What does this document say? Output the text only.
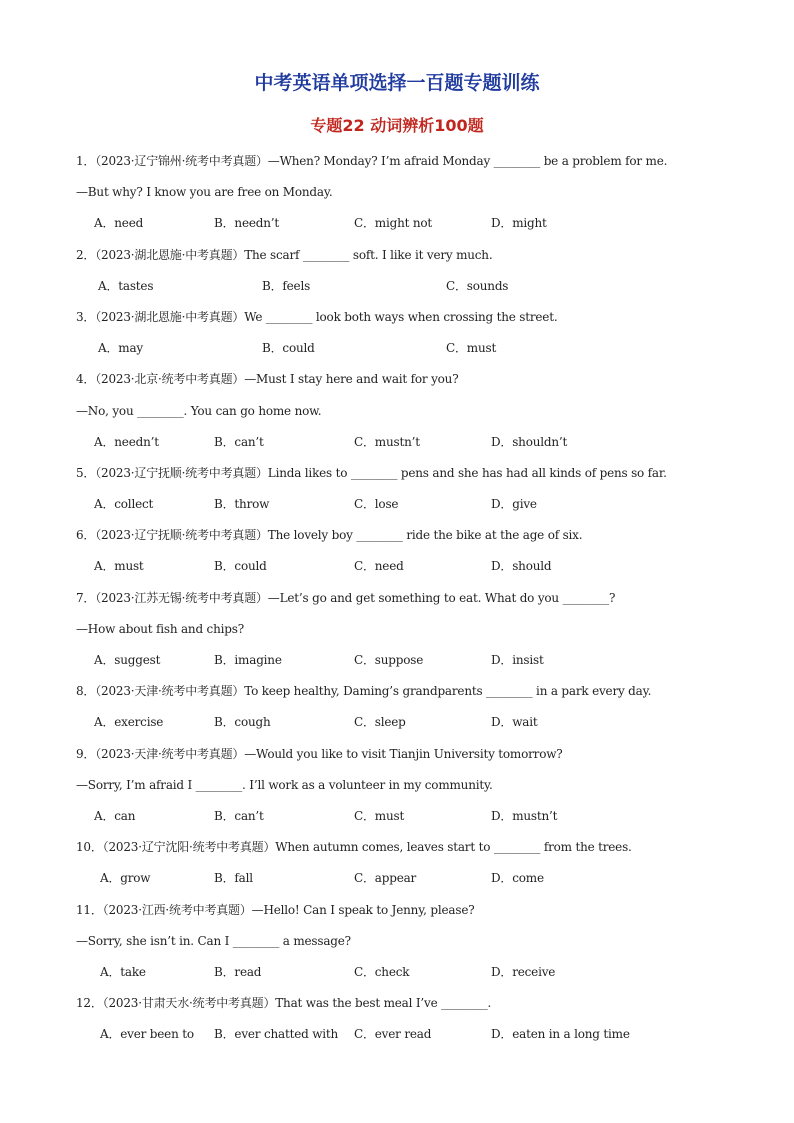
中考英语单项选择一百题专题训练
专题22 动词辨析100题
1．（2023·辽宁锦州·统考中考真题）—When? Monday? I’m afraid Monday ________ be a problem for me.
—But why? I know you are free on Monday.
A．need	B．needn’t	C．might not	D．might
2．（2023·湖北恩施·中考真题）The scarf ________ soft. I like it very much.
A．tastes	B．feels	C．sounds
3．（2023·湖北恩施·中考真题）We ________ look both ways when crossing the street.
A．may	B．could	C．must
4．（2023·北京·统考中考真题）—Must I stay here and wait for you?
—No, you ________. You can go home now.
A．needn’t	B．can’t	C．mustn’t	D．shouldn’t
5．（2023·辽宁抚顺·统考中考真题）Linda likes to ________ pens and she has had all kinds of pens so far.
A．collect	B．throw	C．lose	D．give
6．（2023·辽宁抚顺·统考中考真题）The lovely boy ________ ride the bike at the age of six.
A．must	B．could	C．need	D．should
7．（2023·江苏无锡·统考中考真题）—Let’s go and get something to eat. What do you ________?
—How about fish and chips?
A．suggest	B．imagine	C．suppose	D．insist
8．（2023·天津·统考中考真题）To keep healthy, Daming’s grandparents ________ in a park every day.
A．exercise	B．cough	C．sleep	D．wait
9．（2023·天津·统考中考真题）—Would you like to visit Tianjin University tomorrow?
—Sorry, I’m afraid I ________. I’ll work as a volunteer in my community.
A．can	B．can’t	C．must	D．mustn’t
10．（2023·辽宁沈阳·统考中考真题）When autumn comes, leaves start to ________ from the trees.
A．grow	B．fall	C．appear	D．come
11．（2023·江西·统考中考真题）—Hello! Can I speak to Jenny, please?
—Sorry, she isn’t in. Can I ________ a message?
A．take	B．read	C．check	D．receive
12．（2023·甘肃天水·统考中考真题）That was the best meal I’ve ________.
A．ever been to B．ever chatted with C．ever read	D．eaten in a long time
